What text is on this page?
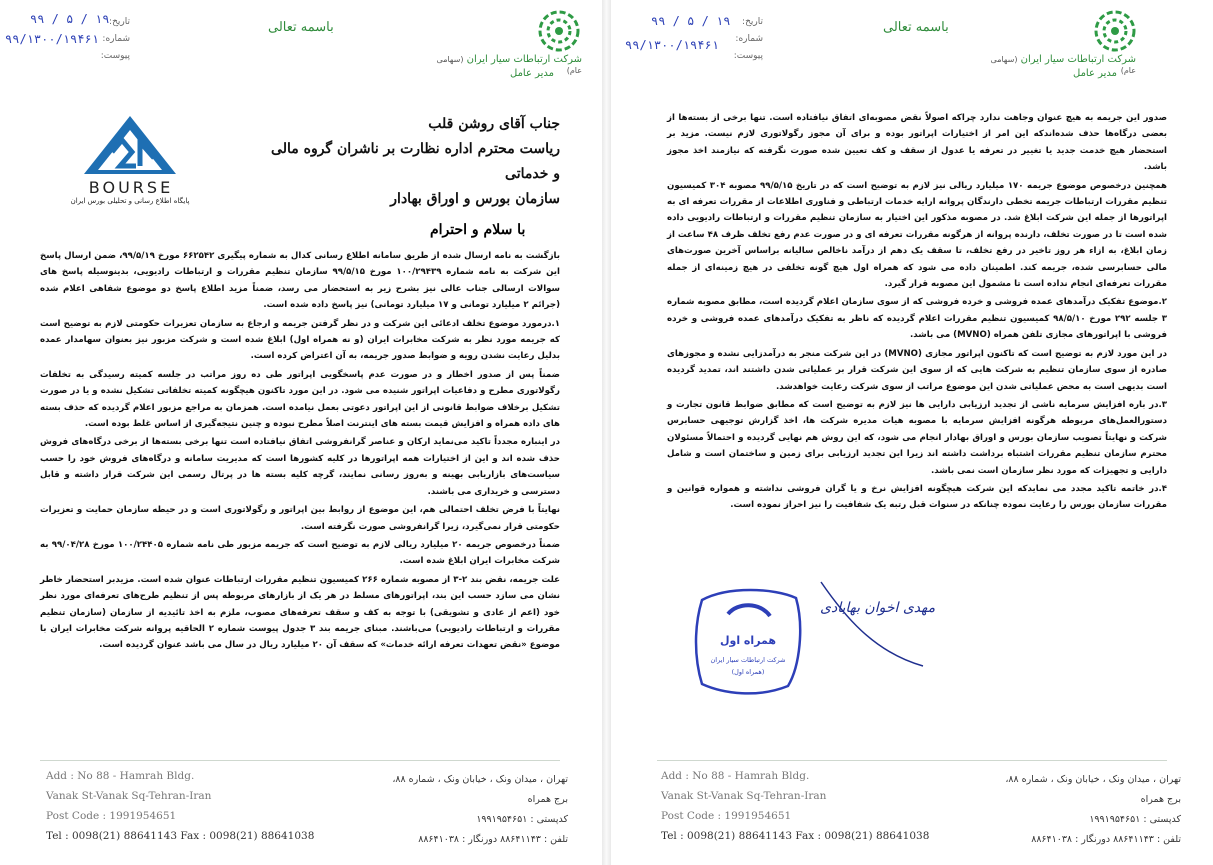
شرکت ارتباطات سیار ایران (سهامی عام)
مدیر عامل
باسمه تعالی
تاریخ:
شماره:
پیوست:
۹۹ / ۵ / ۱۹
۹۹/۱۳۰۰/۱۹۴۶۱
جناب آقای روشن قلب
ریاست محترم اداره نظارت بر ناشران گروه مالی و خدماتی
سازمان بورس و اوراق بهادار
BOURSE
پایگاه اطلاع رسانی و تحلیلی بورس ایران
با سلام و احترام

بازگشت به نامه ارسال شده از طریق سامانه اطلاع رسانی کدال به شماره پیگیری ۶۶۲۵۴۲ مورخ ۹۹/۵/۱۹، ضمن ارسال پاسخ این شرکت به نامه شماره ۱۰۰/۲۹۴۳۹ مورخ ۹۹/۵/۱۵ سازمان تنظیم مقررات و ارتباطات رادیویی، بدینوسیله پاسخ های سوالات ارسالی جناب عالی نیز بشرح زیر به استحضار می رسد، ضمناً مزید اطلاع پاسخ دو موضوع شفاهی اعلام شده (جرائم ۲ میلیارد تومانی و ۱۷ میلیارد تومانی) نیز پاسخ داده شده است.

۱.درمورد موضوع تخلف ادعائی این شرکت و در نظر گرفتن جریمه و ارجاع به سازمان تعزیرات حکومتی لازم به توضیح است که جریمه مورد نظر به شرکت مخابرات ایران (و نه همراه اول) ابلاغ شده است و شرکت مزبور نیز بعنوان سهامدار عمده بدلیل رعایت نشدن رویه و ضوابط صدور جریمه، به آن اعتراض کرده است.

ضمناً پس از صدور اخطار و در صورت عدم پاسخگویی اپراتور طی ده روز مراتب در جلسه کمیته رسیدگی به تخلفات رگولاتوری مطرح و دفاعیات اپراتور شنیده می شود. در این مورد تاکنون هیچگونه کمیته تخلفاتی تشکیل نشده و یا در صورت تشکیل برخلاف ضوابط قانونی از این اپراتور دعوتی بعمل نیامده است. همزمان به مراجع مزبور اعلام گردیده که حذف بسته های داده همراه و افزایش قیمت بسته های اینترنت اصلاً مطرح نبوده و چنین نتیجه‌گیری از اساس غلط بوده است.

در اینباره مجدداً تاکید می‌نماید ارکان و عناصر گرانفروشی اتفاق نیافتاده است تنها برخی بسته‌ها از برخی درگاه‌های فروش حذف شده اند و این از اختیارات همه اپراتورها در کلیه کشورها است که مدیریت سامانه و درگاه‌های فروش خود را حسب سیاست‌های بازاریابی بهینه و به‌روز رسانی نمایند، گرچه کلیه بسته ها در پرتال رسمی این شرکت قرار داشته و قابل دسترسی و خریداری می باشند.

نهایتاً با فرض تخلف احتمالی هم، این موضوع از روابط بین اپراتور و رگولاتوری است و در حیطه سازمان حمایت و تعزیرات حکومتی قرار نمی‌گیرد، زیرا گرانفروشی صورت نگرفته است.

ضمناً درخصوص جریمه ۲۰ میلیارد ریالی لازم به توضیح است که جریمه مزبور طی نامه شماره ۱۰۰/۲۴۴۰۵ مورخ ۹۹/۰۴/۲۸ به شرکت مخابرات ایران ابلاغ شده است.

علت جریمه، نقض بند ۲-۳ از مصوبه شماره ۲۶۶ کمیسیون تنظیم مقررات ارتباطات عنوان شده است. مزیدبر استحضار خاطر نشان می سازد حسب این بند، اپراتورهای مسلط در هر یک از بازارهای مربوطه پس از تنظیم طرح‌های تعرفه‌ای مورد نظر خود (اعم از عادی و تشویقی) با توجه به کف و سقف تعرفه‌های مصوب، ملزم به اخذ تائیدیه از سازمان (سازمان تنظیم مقررات و ارتباطات رادیویی) می‌باشند. مبنای جریمه بند ۳ جدول پیوست شماره ۲ الحاقیه پروانه شرکت مخابرات ایران با موضوع «نقض تعهدات تعرفه ارائه خدمات» که سقف آن ۲۰ میلیارد ریال در سال می باشد عنوان گردیده است.

Add : No 88 - Hamrah Bldg.
Vanak St-Vanak Sq-Tehran-Iran
Post Code : 1991954651
Tel : 0098(21) 88641143 Fax : 0098(21) 88641038
تهران ، میدان ونک ، خیابان ونک ، شماره ۸۸،
برج همراه
کدپستی : ۱۹۹۱۹۵۴۶۵۱
تلفن : ۸۸۶۴۱۱۴۳ دورنگار : ۸۸۶۴۱۰۳۸
شرکت ارتباطات سیار ایران (سهامی عام)
مدیر عامل
باسمه تعالی
تاریخ:
شماره:
پیوست:
۹۹ / ۵ / ۱۹
۹۹/۱۳۰۰/۱۹۴۶۱

صدور این جریمه به هیچ عنوان وجاهت ندارد چراکه اصولاً نقض مصوبه‌ای اتفاق نیافتاده است. تنها برخی از بسته‌ها از بعضی درگاه‌ها حذف شده‌اندکه این امر از اختیارات اپراتور بوده و برای آن مجوز رگولاتوری لازم نیست. مزید بر استحضار هیچ خدمت جدید یا تغییر در تعرفه یا عدول از سقف و کف تعیین شده صورت نگرفته که نیازمند اخذ مجوز باشد.

همچنین درخصوص موضوع جریمه ۱۷۰ میلیارد ریالی نیز لازم به توضیح است که در تاریخ ۹۹/۵/۱۵ مصوبه ۳۰۴ کمیسیون تنظیم مقررات ارتباطات جریمه تخطی دارندگان پروانه ارایه خدمات ارتباطی و فناوری اطلاعات از مقررات تعرفه ای به اپراتورها از جمله این شرکت ابلاغ شد. در مصوبه مذکور این اختیار به سازمان تنظیم مقررات و ارتباطات رادیویی داده شده است تا در صورت تخلف، دارنده پروانه از هرگونه مقررات تعرفه ای و در صورت عدم رفع تخلف ظرف ۴۸ ساعت از زمان ابلاغ، به ازاء هر روز تاخیر در رفع تخلف، تا سقف یک دهم از درآمد ناخالص سالیانه براساس آخرین صورت‌های مالی حسابرسی شده، جریمه کند. اطمینان داده می شود که همراه اول هیچ گونه تخلفی در هیچ زمینه‌ای از جمله مقررات تعرفه‌ای انجام نداده است تا مشمول این مصوبه قرار گیرد.

۲.موضوع تفکیک درآمدهای عمده فروشی و خرده فروشی که از سوی سازمان اعلام گردیده است، مطابق مصوبه شماره ۳ جلسه ۲۹۲ مورخ ۹۸/۵/۱۰ کمیسیون تنظیم مقررات اعلام گردیده که ناظر به تفکیک درآمدهای عمده فروشی و خرده فروشی با اپراتورهای مجازی تلفن همراه (MVNO) می باشد.

در این مورد لازم به توضیح است که تاکنون اپراتور مجازی (MVNO) در این شرکت منجر به درآمدزایی نشده و مجوزهای صادره از سوی سازمان تنظیم به شرکت هایی که از سوی این شرکت قرار بر عملیاتی شدن داشتند اند، تمدید گردیده است بدیهی است به محض عملیاتی شدن این موضوع مراتب از سوی شرکت رعایت خواهدشد.

۳.در باره افزایش سرمایه ناشی از تجدید ارزیابی دارایی ها نیز لازم به توضیح است که مطابق ضوابط قانون تجارت و دستورالعمل‌های مربوطه هرگونه افزایش سرمایه با مصوبه هیات مدیره شرکت ها، اخذ گزارش توجیهی حسابرس شرکت و نهایتاً تصویب سازمان بورس و اوراق بهادار انجام می شود، که این روش هم نهایی گردیده و احتمالاً مسئولان محترم سازمان تنظیم مقررات اشتباه برداشت داشته اند زیرا این تجدید ارزیابی برای زمین و ساختمان است و شامل دارایی و تجهیزات که مورد نظر سازمان است نمی باشد.

۴.در خاتمه تاکید مجدد می نمایدکه این شرکت هیچگونه افزایش نرخ و یا گران فروشی نداشته و همواره قوانین و مقررات سازمان بورس را رعایت نموده چنانکه در سنوات قبل رتبه یک شفافیت را نیز احراز نموده است.

Add : No 88 - Hamrah Bldg.
Vanak St-Vanak Sq-Tehran-Iran
Post Code : 1991954651
Tel : 0098(21) 88641143 Fax : 0098(21) 88641038
تهران ، میدان ونک ، خیابان ونک ، شماره ۸۸،
برج همراه
کدپستی : ۱۹۹۱۹۵۴۶۵۱
تلفن : ۸۸۶۴۱۱۴۳ دورنگار : ۸۸۶۴۱۰۳۸
همراه اول
شرکت ارتباطات سیار ایران
(همراه اول)
مهدی اخوان بهابادی
